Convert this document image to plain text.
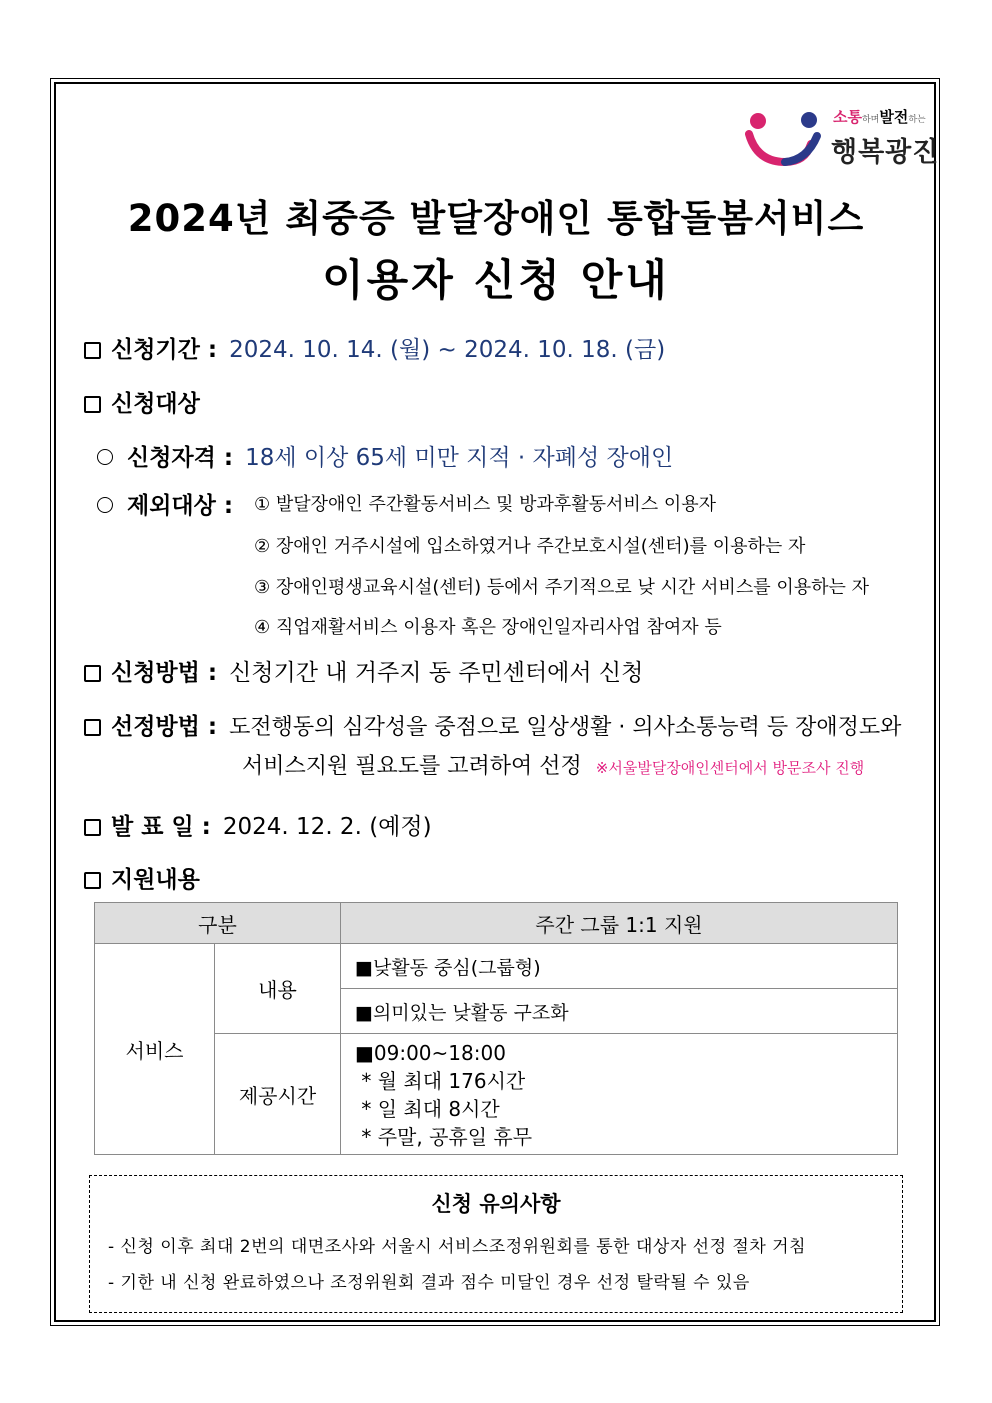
소통하며발전하는
행복광진
2024년 최중증 발달장애인 통합돌봄서비스
이용자 신청 안내
신청기간 : 2024. 10. 14. (월) ~ 2024. 10. 18. (금)
신청대상
신청자격 : 18세 이상 65세 미만 지적 · 자폐성 장애인
제외대상 : ① 발달장애인 주간활동서비스 및 방과후활동서비스 이용자
② 장애인 거주시설에 입소하였거나 주간보호시설(센터)를 이용하는 자
③ 장애인평생교육시설(센터) 등에서 주기적으로 낮 시간 서비스를 이용하는 자
④ 직업재활서비스 이용자 혹은 장애인일자리사업 참여자 등
신청방법 : 신청기간 내 거주지 동 주민센터에서 신청
선정방법 : 도전행동의 심각성을 중점으로 일상생활 · 의사소통능력 등 장애정도와
서비스지원 필요도를 고려하여 선정 ※서울발달장애인센터에서 방문조사 진행
발 표 일 : 2024. 12. 2. (예정)
지원내용
구분		주간 그룹 1:1 지원
서비스	내용	■낮활동 중심(그룹형)
		■의미있는 낮활동 구조화
	제공시간	■09:00~18:00
* 월 최대 176시간
* 일 최대 8시간
* 주말, 공휴일 휴무
신청 유의사항
- 신청 이후 최대 2번의 대면조사와 서울시 서비스조정위원회를 통한 대상자 선정 절차 거침
- 기한 내 신청 완료하였으나 조정위원회 결과 점수 미달인 경우 선정 탈락될 수 있음
